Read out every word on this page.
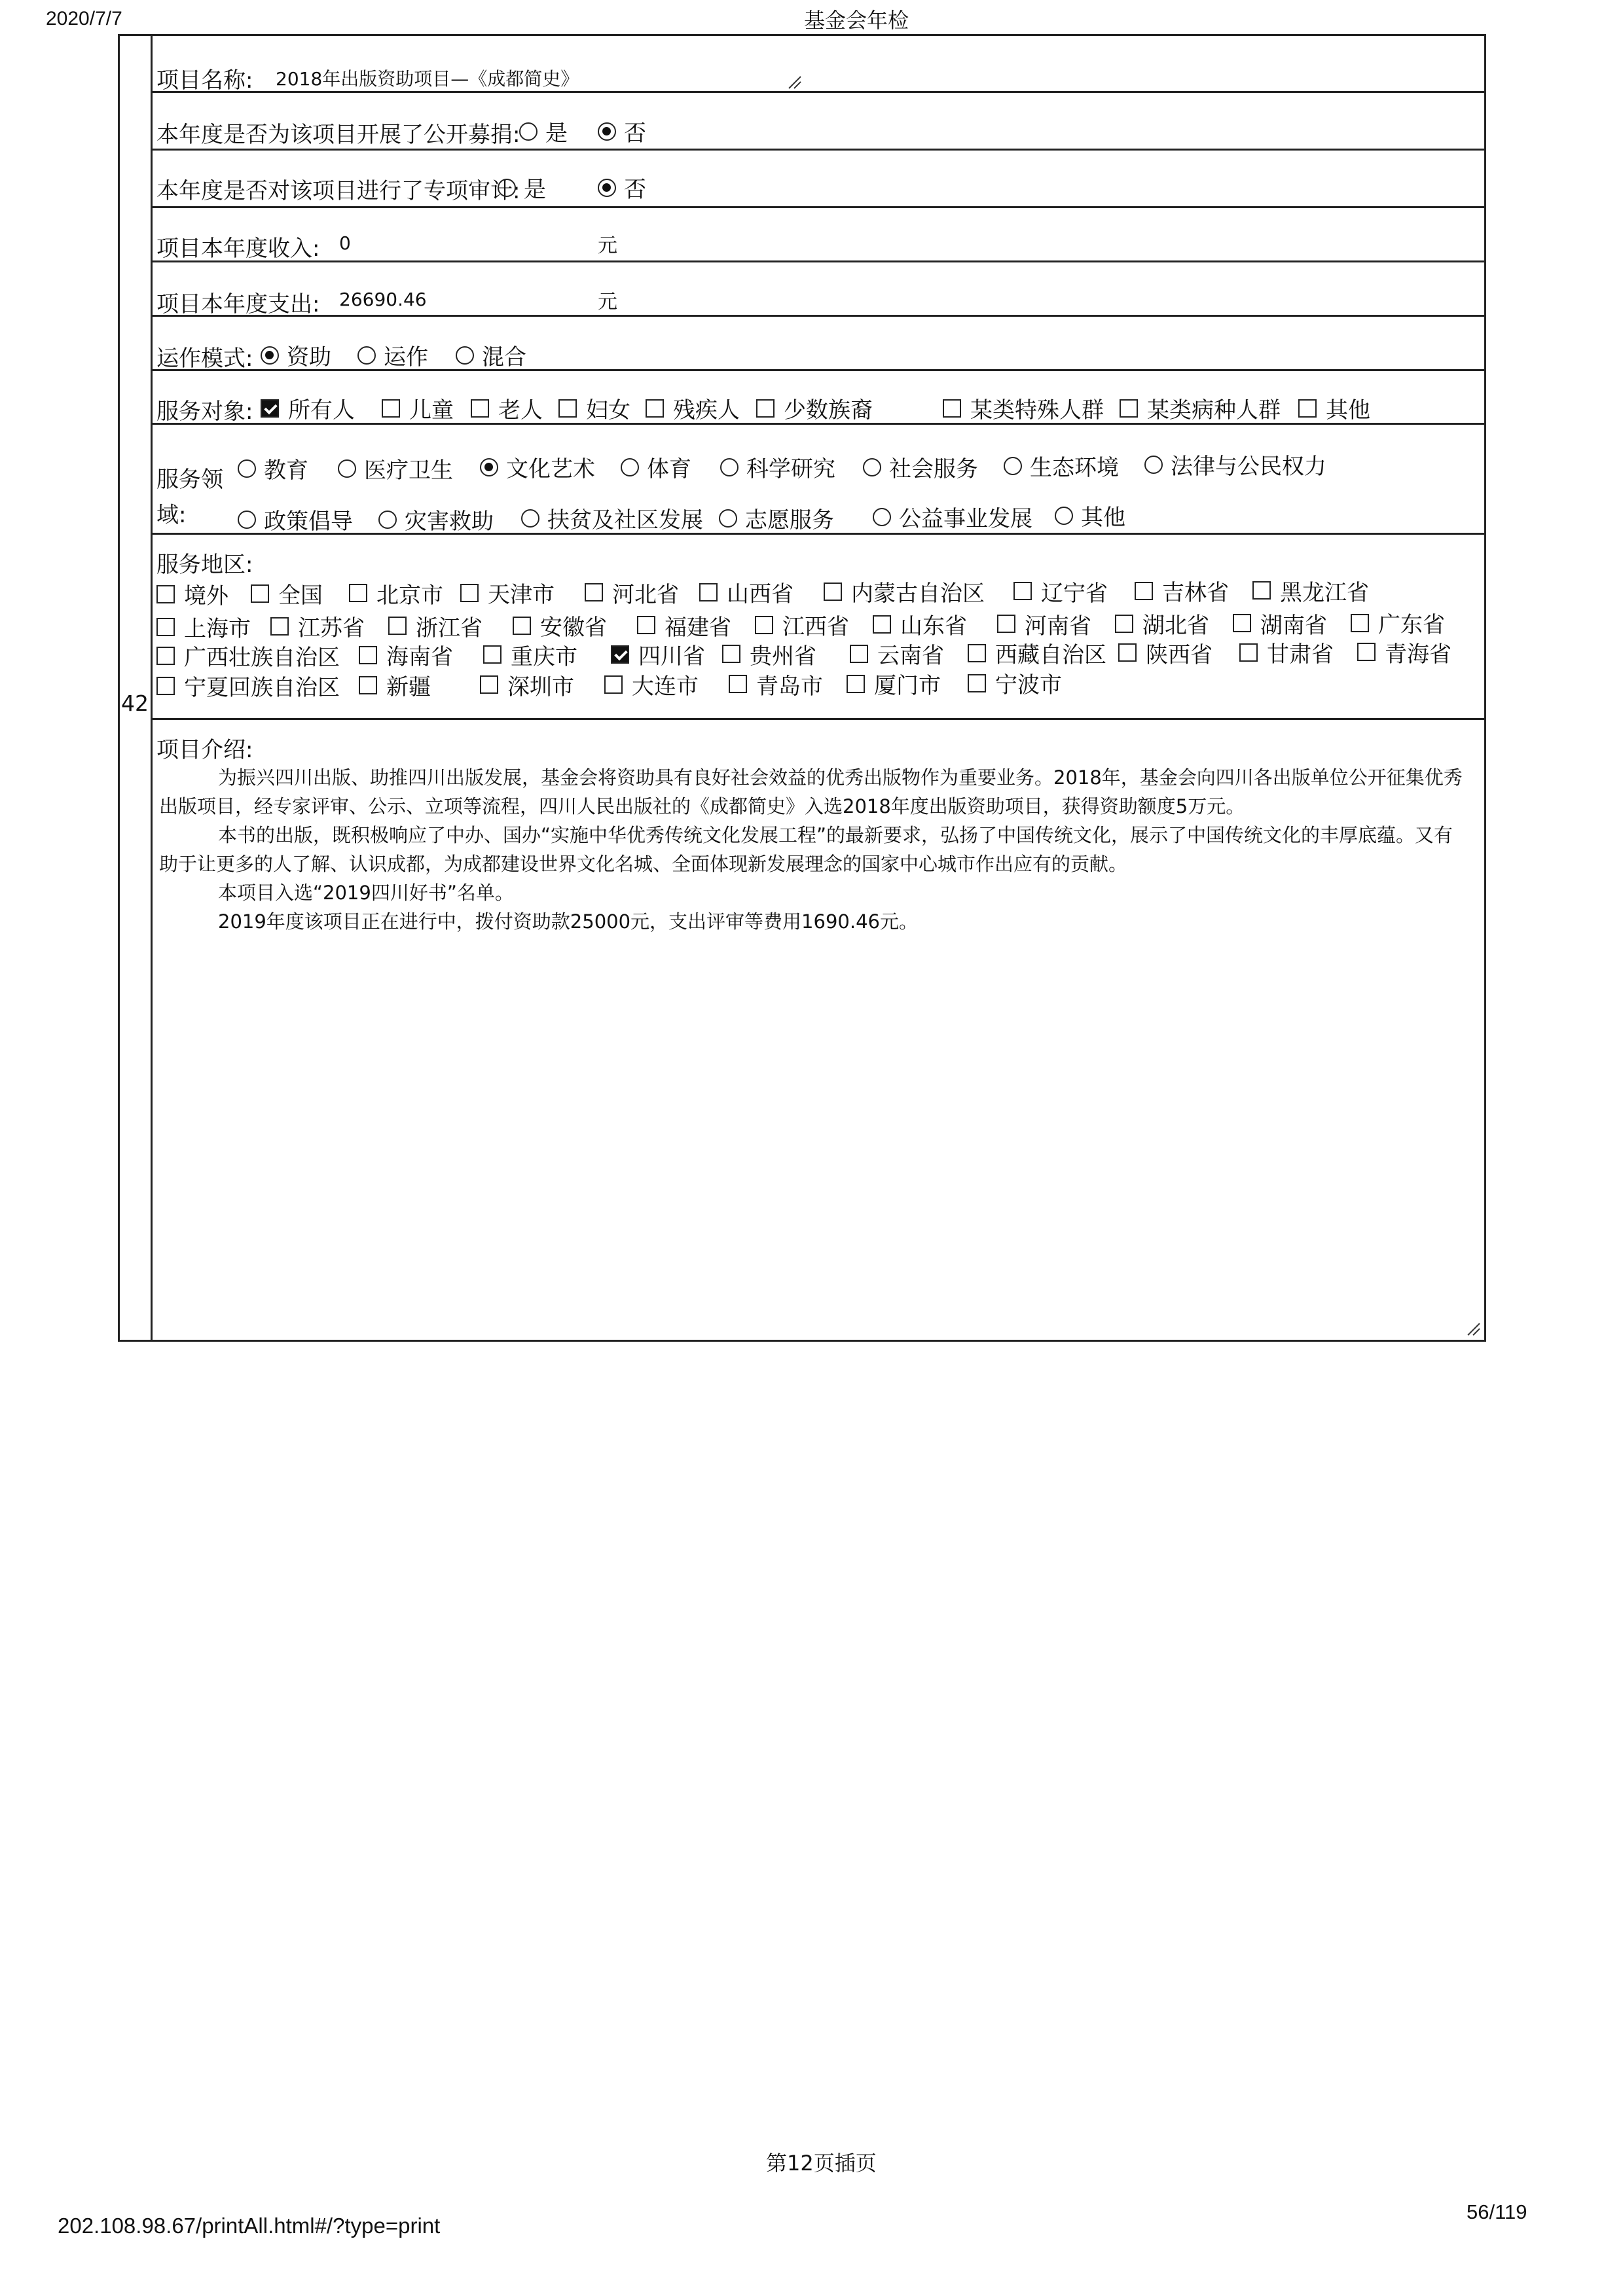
2020/7/7	基金会年检
42
项目名称: 2018年出版资助项目—《成都简史》
本年度是否为该项目开展了公开募捐: 是	否
本年度是否对该项目进行了专项审计: 是	否
项目本年度收入: 0	元
项目本年度支出: 26690.46	元
运作模式: 资助 运作 混合
服务对象: 所有人 儿童 老人 妇女 残疾人 少数族裔	某类特殊人群 某类病种人群 其他
服务领
域:
教育	医疗卫生 文化艺术 体育 科学研究 社会服务 生态环境 法律与公民权力
政策倡导 灾害救助 扶贫及社区发展 志愿服务	公益事业发展 其他
服务地区:
境外 全国 北京市 天津市	河北省 山西省	内蒙古自治区	辽宁省 吉林省 黑龙江省
上海市 江苏省 浙江省	安徽省	福建省 江西省 山东省	河南省 湖北省 湖南省 广东省
广西壮族自治区 海南省	重庆市	四川省 贵州省	云南省 西藏自治区 陕西省 甘肃省 青海省
宁夏回族自治区 新疆	深圳市	大连市	青岛市 厦门市 宁波市
项目介绍:

为振兴四川出版、助推四川出版发展，基金会将资助具有良好社会效益的优秀出版物作为重要业务。2018年，基金会向四川各出版单位公开征集优秀出版项目，经专家评审、公示、立项等流程，四川人民出版社的《成都简史》入选2018年度出版资助项目，获得资助额度5万元。

本书的出版，既积极响应了中办、国办“实施中华优秀传统文化发展工程”的最新要求，弘扬了中国传统文化，展示了中国传统文化的丰厚底蕴。又有助于让更多的人了解、认识成都，为成都建设世界文化名城、全面体现新发展理念的国家中心城市作出应有的贡献。

本项目入选“2019四川好书”名单。

2019年度该项目正在进行中，拨付资助款25000元，支出评审等费用1690.46元。

第12页插页
202.108.98.67/printAll.html#/?type=print
56/119
